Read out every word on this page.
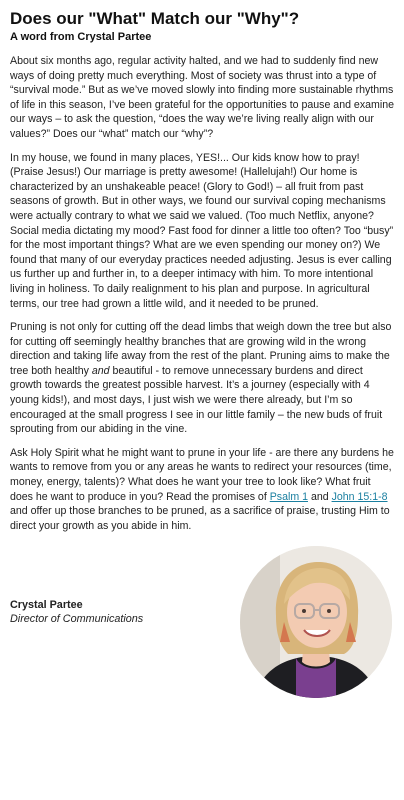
Does our "What" Match our "Why"?
A word from Crystal Partee

About six months ago, regular activity halted, and we had to suddenly find new ways of doing pretty much everything. Most of society was thrust into a type of “survival mode.” But as we’ve moved slowly into finding more sustainable rhythms of life in this season, I’ve been grateful for the opportunities to pause and examine our ways – to ask the question, “does the way we’re living really align with our values?” Does our “what” match our “why”?

In my house, we found in many places, YES!... Our kids know how to pray! (Praise Jesus!) Our marriage is pretty awesome! (Hallelujah!) Our home is characterized by an unshakeable peace! (Glory to God!) – all fruit from past seasons of growth. But in other ways, we found our survival coping mechanisms were actually contrary to what we said we valued. (Too much Netflix, anyone? Social media dictating my mood? Fast food for dinner a little too often? Too “busy” for the most important things? What are we even spending our money on?) We found that many of our everyday practices needed adjusting. Jesus is ever calling us further up and further in, to a deeper intimacy with him. To more intentional living in holiness. To daily realignment to his plan and purpose. In agricultural terms, our tree had grown a little wild, and it needed to be pruned.

Pruning is not only for cutting off the dead limbs that weigh down the tree but also for cutting off seemingly healthy branches that are growing wild in the wrong direction and taking life away from the rest of the plant. Pruning aims to make the tree both healthy and beautiful - to remove unnecessary burdens and direct growth towards the greatest possible harvest. It’s a journey (especially with 4 young kids!), and most days, I just wish we were there already, but I’m so encouraged at the small progress I see in our little family – the new buds of fruit sprouting from our abiding in the vine.

Ask Holy Spirit what he might want to prune in your life - are there any burdens he wants to remove from you or any areas he wants to redirect your resources (time, money, energy, talents)? What does he want your tree to look like? What fruit does he want to produce in you? Read the promises of Psalm 1 and John 15:1-8 and offer up those branches to be pruned, as a sacrifice of praise, trusting Him to direct your growth as you abide in him.

Crystal Partee
Director of Communications
